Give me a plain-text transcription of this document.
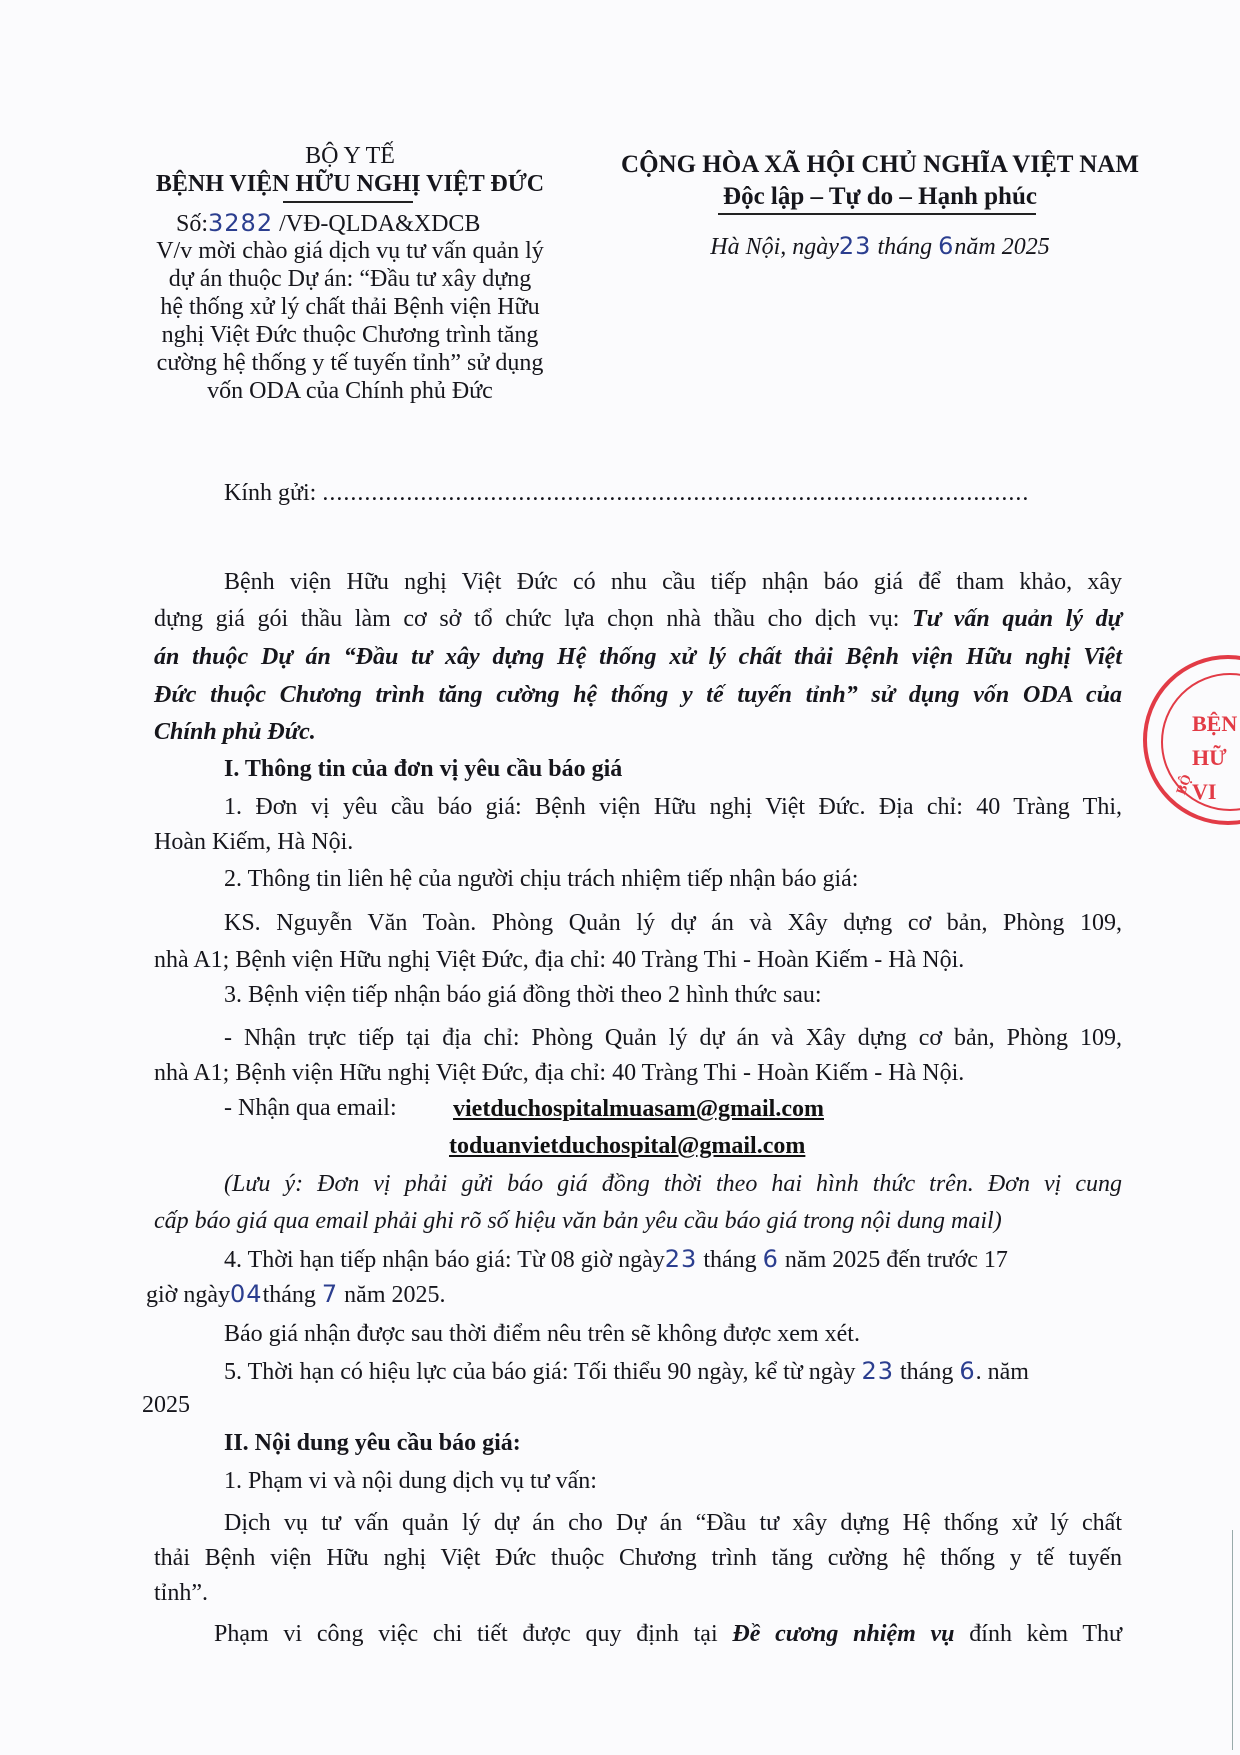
BỘ Y TẾ
BỆNH VIỆN HỮU NGHỊ VIỆT ĐỨC
Số:3282 /VĐ-QLDA&XDCB
V/v mời chào giá dịch vụ tư vấn quản lý
dự án thuộc Dự án: “Đầu tư xây dựng
hệ thống xử lý chất thải Bệnh viện Hữu
nghị Việt Đức thuộc Chương trình tăng
cường hệ thống y tế tuyến tỉnh” sử dụng
vốn ODA của Chính phủ Đức
CỘNG HÒA XÃ HỘI CHỦ NGHĨA VIỆT NAM
Độc lập – Tự do – Hạnh phúc
Hà Nội, ngày23 tháng 6năm 2025
Kính gửi: .....................................................................................................
Bệnh viện Hữu nghị Việt Đức có nhu cầu tiếp nhận báo giá để tham khảo, xây
dựng giá gói thầu làm cơ sở tổ chức lựa chọn nhà thầu cho dịch vụ: Tư vấn quản lý dự
án thuộc Dự án “Đầu tư xây dựng Hệ thống xử lý chất thải Bệnh viện Hữu nghị Việt
Đức thuộc Chương trình tăng cường hệ thống y tế tuyến tỉnh” sử dụng vốn ODA của
Chính phủ Đức.
I. Thông tin của đơn vị yêu cầu báo giá
1. Đơn vị yêu cầu báo giá: Bệnh viện Hữu nghị Việt Đức. Địa chỉ: 40 Tràng Thi,
Hoàn Kiếm, Hà Nội.
2. Thông tin liên hệ của người chịu trách nhiệm tiếp nhận báo giá:
KS. Nguyễn Văn Toàn. Phòng Quản lý dự án và Xây dựng cơ bản, Phòng 109,
nhà A1; Bệnh viện Hữu nghị Việt Đức, địa chỉ: 40 Tràng Thi - Hoàn Kiếm - Hà Nội.
3. Bệnh viện tiếp nhận báo giá đồng thời theo 2 hình thức sau:
- Nhận trực tiếp tại địa chỉ: Phòng Quản lý dự án và Xây dựng cơ bản, Phòng 109,
nhà A1; Bệnh viện Hữu nghị Việt Đức, địa chỉ: 40 Tràng Thi - Hoàn Kiếm - Hà Nội.
- Nhận qua email: vietduchospitalmuasam@gmail.com
toduanvietduchospital@gmail.com
(Lưu ý: Đơn vị phải gửi báo giá đồng thời theo hai hình thức trên. Đơn vị cung
cấp báo giá qua email phải ghi rõ số hiệu văn bản yêu cầu báo giá trong nội dung mail)
4. Thời hạn tiếp nhận báo giá: Từ 08 giờ ngày23 tháng 6 năm 2025 đến trước 17
giờ ngày04tháng 7 năm 2025.
Báo giá nhận được sau thời điểm nêu trên sẽ không được xem xét.
5. Thời hạn có hiệu lực của báo giá: Tối thiểu 90 ngày, kể từ ngày 23 tháng 6. năm
2025
II. Nội dung yêu cầu báo giá:
1. Phạm vi và nội dung dịch vụ tư vấn:
Dịch vụ tư vấn quản lý dự án cho Dự án “Đầu tư xây dựng Hệ thống xử lý chất
thải Bệnh viện Hữu nghị Việt Đức thuộc Chương trình tăng cường hệ thống y tế tuyến
tỉnh”.
Phạm vi công việc chi tiết được quy định tại Đề cương nhiệm vụ đính kèm Thư
BỆN
HỮ
VI
BỘ
